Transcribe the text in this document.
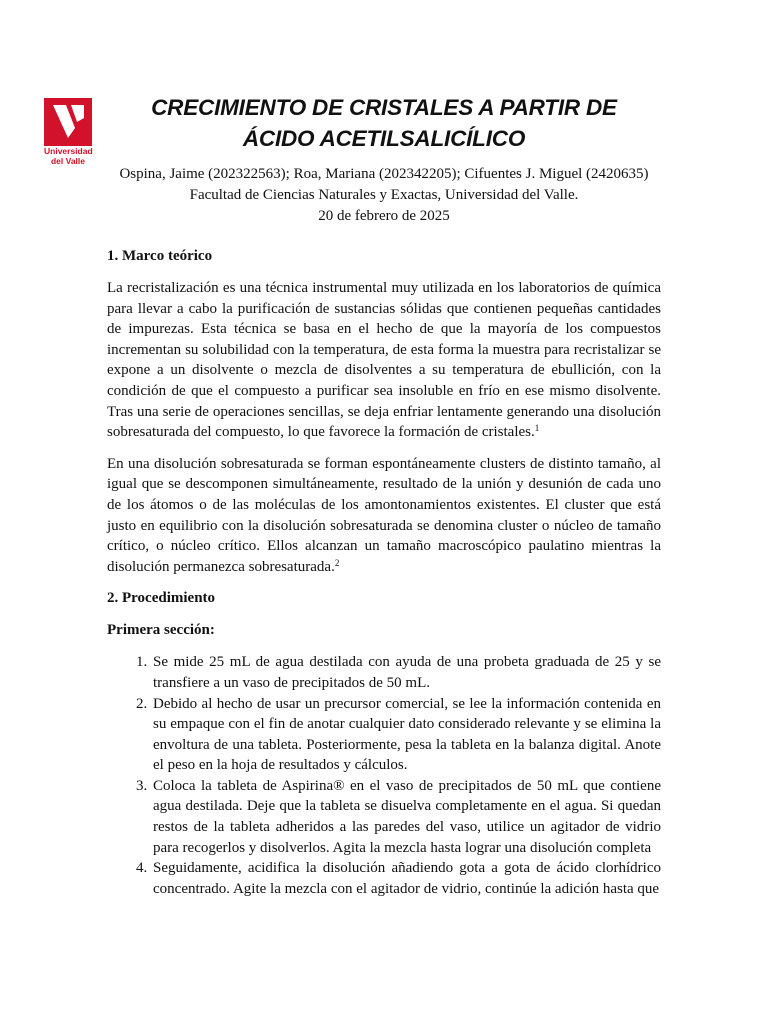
Universidad
del Valle
CRECIMIENTO DE CRISTALES A PARTIR DE ÁCIDO ACETILSALICÍLICO
Ospina, Jaime (202322563); Roa, Mariana (202342205); Cifuentes J. Miguel (2420635)
Facultad de Ciencias Naturales y Exactas, Universidad del Valle.
20 de febrero de 2025
1. Marco teórico

La recristalización es una técnica instrumental muy utilizada en los laboratorios de química para llevar a cabo la purificación de sustancias sólidas que contienen pequeñas cantidades de impurezas. Esta técnica se basa en el hecho de que la mayoría de los compuestos incrementan su solubilidad con la temperatura, de esta forma la muestra para recristalizar se expone a un disolvente o mezcla de disolventes a su temperatura de ebullición, con la condición de que el compuesto a purificar sea insoluble en frío en ese mismo disolvente. Tras una serie de operaciones sencillas, se deja enfriar lentamente generando una disolución sobresaturada del compuesto, lo que favorece la formación de cristales.$^1$

En una disolución sobresaturada se forman espontáneamente clusters de distinto tamaño, al igual que se descomponen simultáneamente, resultado de la unión y desunión de cada uno de los átomos o de las moléculas de los amontonamientos existentes. El cluster que está justo en equilibrio con la disolución sobresaturada se denomina cluster o núcleo de tamaño crítico, o núcleo crítico. Ellos alcanzan un tamaño macroscópico paulatino mientras la disolución permanezca sobresaturada.$^2$

2. Procedimiento
Primera sección:
1. Se mide 25 mL de agua destilada con ayuda de una probeta graduada de 25 y se transfiere a un vaso de precipitados de 50 mL.
2. Debido al hecho de usar un precursor comercial, se lee la información contenida en su empaque con el fin de anotar cualquier dato considerado relevante y se elimina la envoltura de una tableta. Posteriormente, pesa la tableta en la balanza digital. Anote el peso en la hoja de resultados y cálculos.
3. Coloca la tableta de Aspirina® en el vaso de precipitados de 50 mL que contiene agua destilada. Deje que la tableta se disuelva completamente en el agua. Si quedan restos de la tableta adheridos a las paredes del vaso, utilice un agitador de vidrio para recogerlos y disolverlos. Agita la mezcla hasta lograr una disolución completa
4. Seguidamente, acidifica la disolución añadiendo gota a gota de ácido clorhídrico concentrado. Agite la mezcla con el agitador de vidrio, continúe la adición hasta que
